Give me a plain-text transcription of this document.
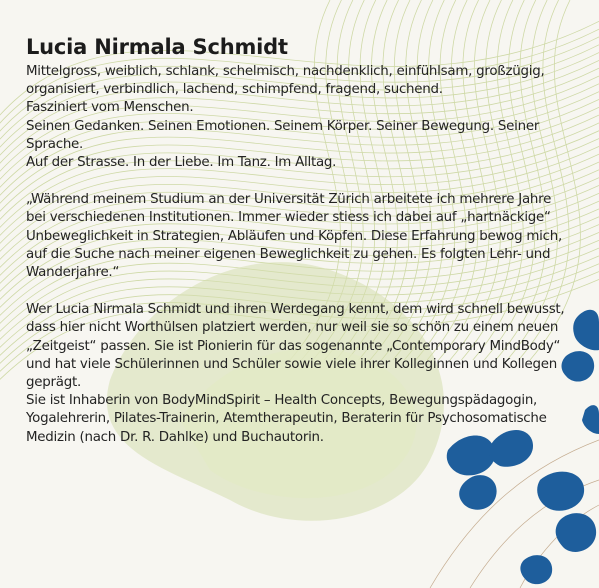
Lucia Nirmala Schmidt
Mittelgross, weiblich, schlank, schelmisch, nachdenklich, einfühlsam, großzügig,
organisiert, verbindlich, lachend, schimpfend, fragend, suchend.
Fasziniert vom Menschen.
Seinen Gedanken. Seinen Emotionen. Seinem Körper. Seiner Bewegung. Seiner
Sprache.
Auf der Strasse. In der Liebe. Im Tanz. Im Alltag.
„Während meinem Studium an der Universität Zürich arbeitete ich mehrere Jahre
bei verschiedenen Institutionen. Immer wieder stiess ich dabei auf „hartnäckige“
Unbeweglichkeit in Strategien, Abläufen und Köpfen. Diese Erfahrung bewog mich,
auf die Suche nach meiner eigenen Beweglichkeit zu gehen. Es folgten Lehr- und
Wanderjahre.“
Wer Lucia Nirmala Schmidt und ihren Werdegang kennt, dem wird schnell bewusst,
dass hier nicht Worthülsen platziert werden, nur weil sie so schön zu einem neuen
„Zeitgeist“ passen. Sie ist Pionierin für das sogenannte „Contemporary MindBody“
und hat viele Schülerinnen und Schüler sowie viele ihrer Kolleginnen und Kollegen
geprägt.
Sie ist Inhaberin von BodyMindSpirit – Health Concepts, Bewegungspädagogin,
Yogalehrerin, Pilates-Trainerin, Atemtherapeutin, Beraterin für Psychosomatische
Medizin (nach Dr. R. Dahlke) und Buchautorin.
